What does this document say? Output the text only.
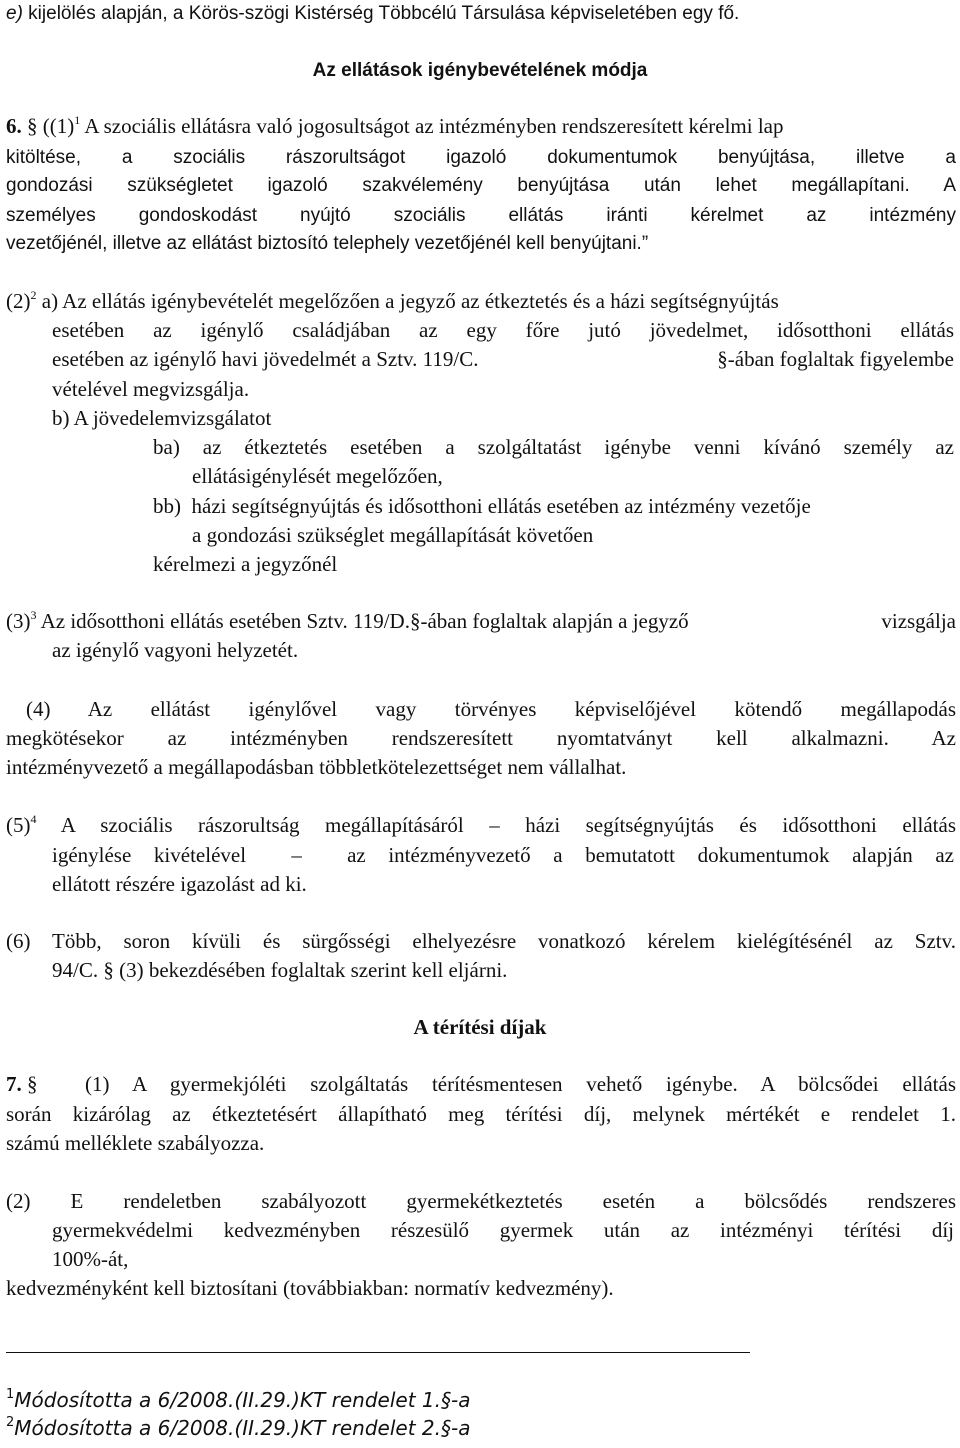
e) kijelölés alapján, a Körös-szögi Kistérség Többcélú Társulása képviseletében egy fő.
Az ellátások igénybevételének módja
6. § ($(1)^1$ A szociális ellátásra való jogosultságot az intézményben rendszeresített kérelmi lap
kitöltése, a szociális rászorultságot igazoló dokumentumok benyújtása, illetve a
gondozási szükségletet igazoló szakvélemény benyújtása után lehet megállapítani. A
személyes gondoskodást nyújtó szociális ellátás iránti kérelmet az intézmény
vezetőjénél, illetve az ellátást biztosító telephely vezetőjénél kell benyújtani.”
$(2)^2$ a) Az ellátás igénybevételét megelőzően a jegyző az étkeztetés és a házi segítségnyújtás
esetében az igénylő családjában az egy főre jutó jövedelmet, idősotthoni ellátás
esetében az igénylő havi jövedelmét a Sztv. 119/C.	§-ában foglaltak figyelembe
vételével megvizsgálja.
b) A jövedelemvizsgálatot
ba) az étkeztetés esetében a szolgáltatást igénybe venni kívánó személy az
ellátásigénylését megelőzően,
bb)  házi segítségnyújtás és idősotthoni ellátás esetében az intézmény vezetője
a gondozási szükséglet megállapítását követően
kérelmezi a jegyzőnél
$(3)^3$ Az idősotthoni ellátás esetében Sztv. 119/D.§-ában foglaltak alapján a jegyző	vizsgálja
az igénylő vagyoni helyzetét.
(4) Az ellátást igénylővel vagy törvényes képviselőjével kötendő megállapodás
megkötésekor az intézményben rendszeresített nyomtatványt kell alkalmazni. Az
intézményvezető a megállapodásban többletkötelezettséget nem vállalhat.
$(5)^4$ A szociális rászorultság megállapításáról – házi segítségnyújtás és idősotthoni ellátás
igénylése kivételével  –  az intézményvezető a bemutatott dokumentumok alapján az
ellátott részére igazolást ad ki.
(6) Több, soron kívüli és sürgősségi elhelyezésre vonatkozó kérelem kielégítésénél az Sztv.
94/C. § (3) bekezdésében foglaltak szerint kell eljárni.
A térítési díjak
7. § (1) A gyermekjóléti szolgáltatás térítésmentesen vehető igénybe. A bölcsődei ellátás
során kizárólag az étkeztetésért állapítható meg térítési díj, melynek mértékét e rendelet 1.
számú melléklete szabályozza.
(2) E rendeletben szabályozott gyermekétkeztetés esetén a bölcsődés rendszeres
gyermekvédelmi kedvezményben részesülő gyermek után az intézményi térítési díj
100%-át,
kedvezményként kell biztosítani (továbbiakban: normatív kedvezmény).
$^1$Módosította a 6/2008.(II.29.)KT rendelet 1.§-a
$^2$Módosította a 6/2008.(II.29.)KT rendelet 2.§-a
